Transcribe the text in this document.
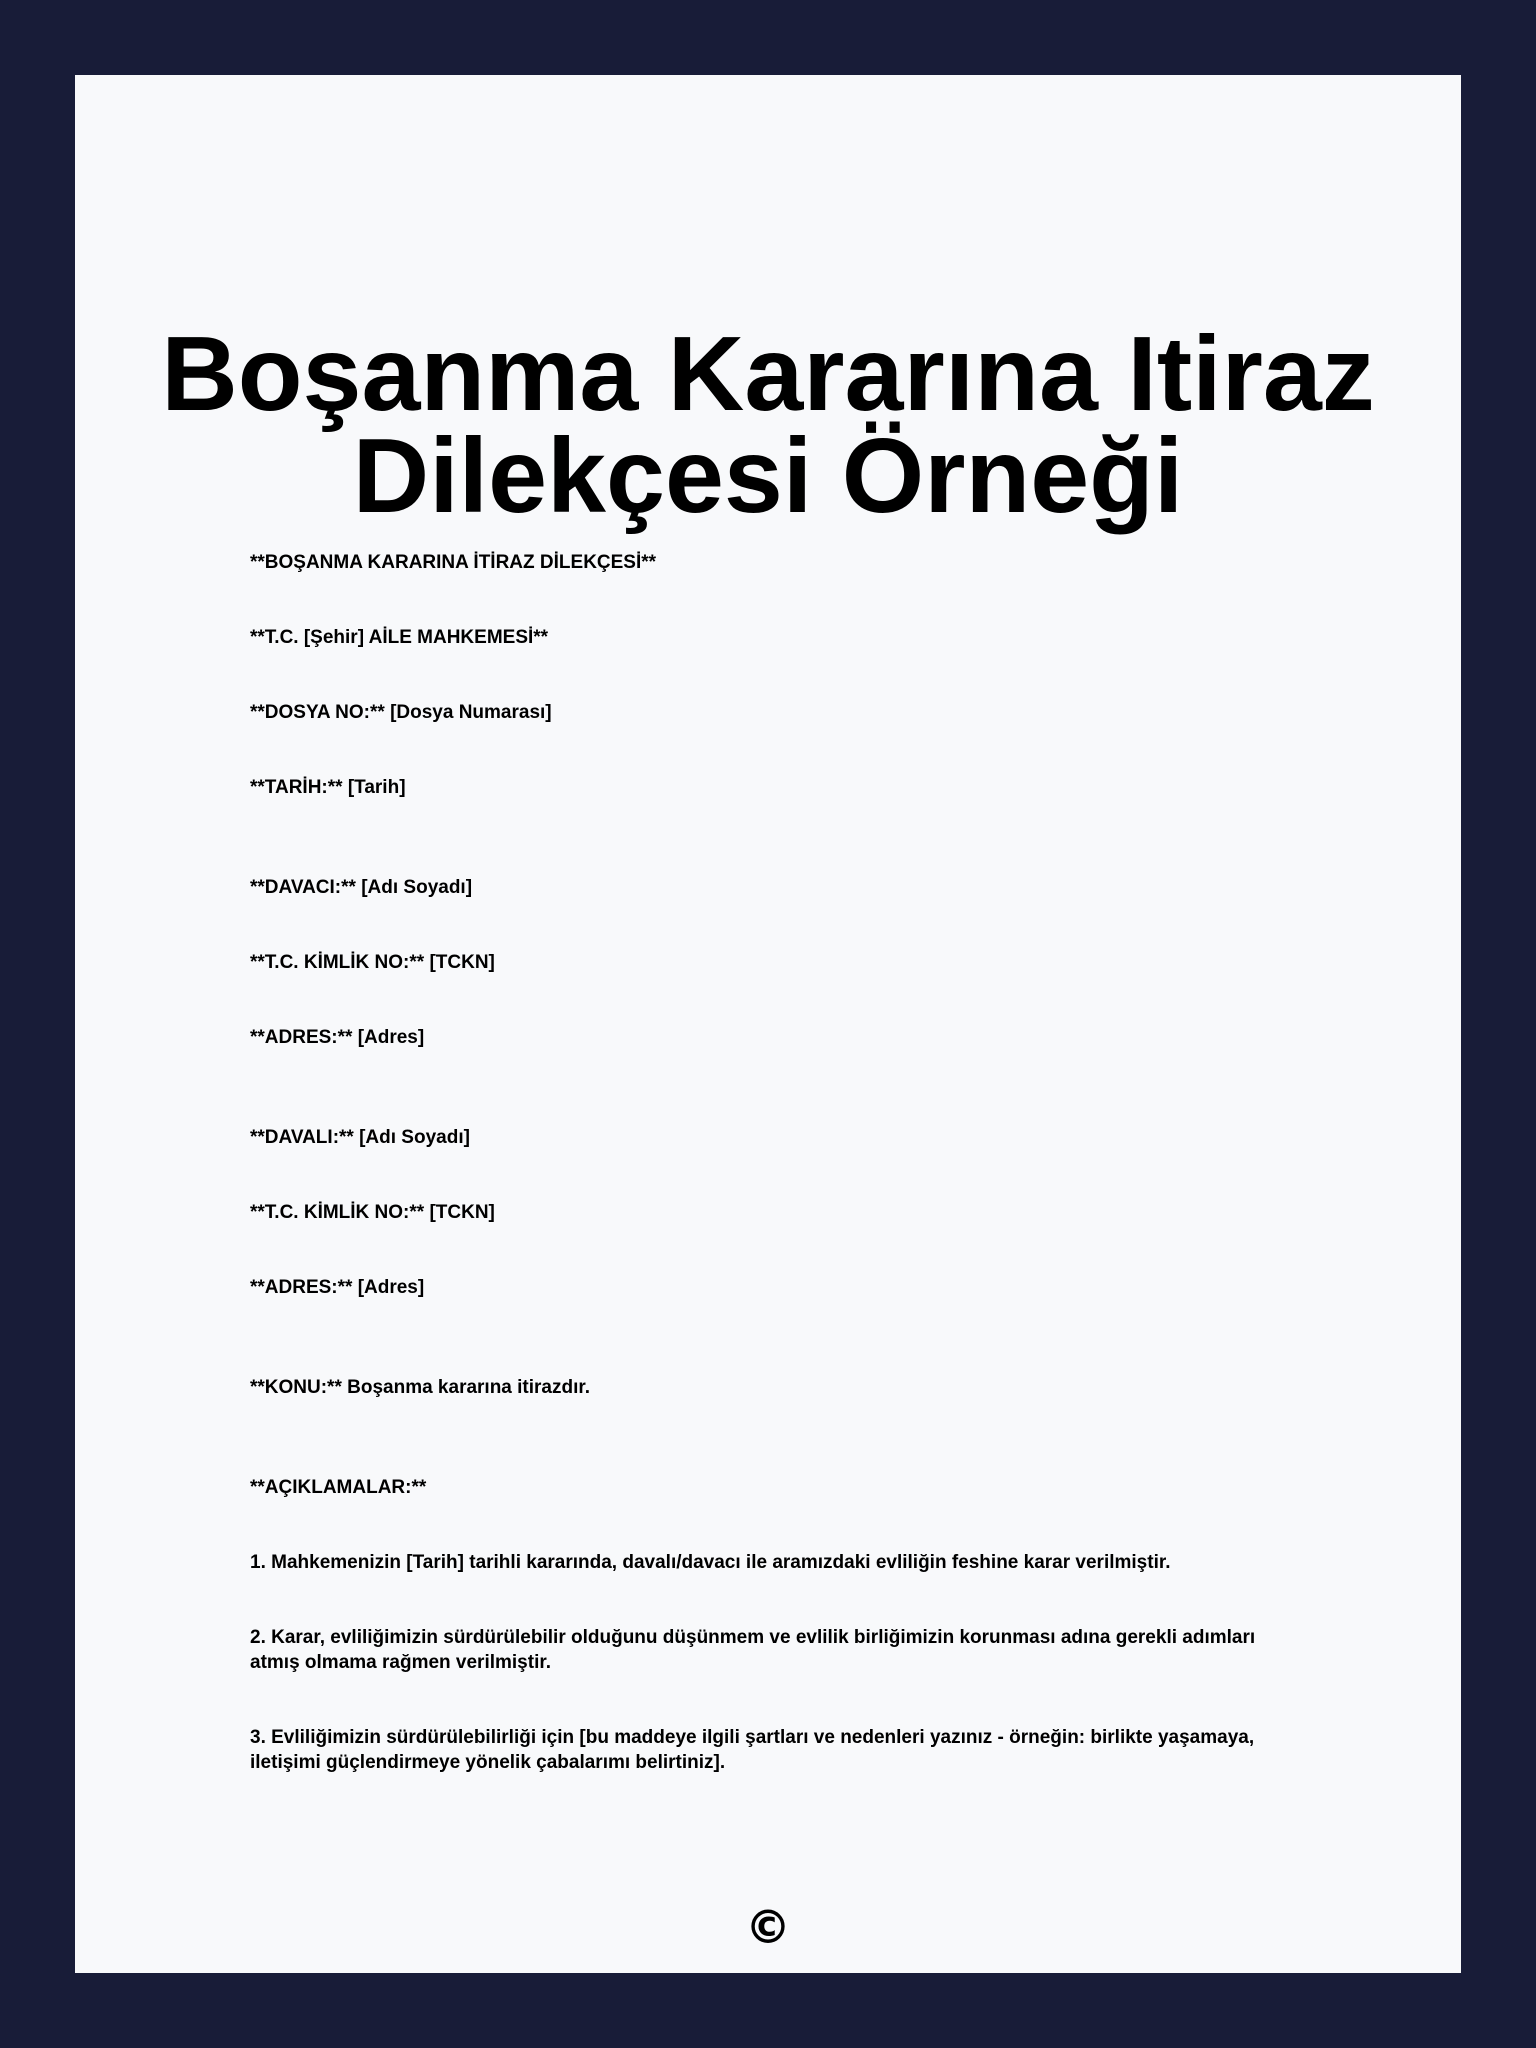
Boşanma Kararına Itiraz
Dilekçesi Örneği

**BOŞANMA KARARINA İTİRAZ DİLEKÇESİ**

**T.C. [Şehir] AİLE MAHKEMESİ**

**DOSYA NO:** [Dosya Numarası]

**TARİH:** [Tarih]

**DAVACI:** [Adı Soyadı]

**T.C. KİMLİK NO:** [TCKN]

**ADRES:** [Adres]

**DAVALI:** [Adı Soyadı]

**T.C. KİMLİK NO:** [TCKN]

**ADRES:** [Adres]

**KONU:** Boşanma kararına itirazdır.

**AÇIKLAMALAR:**

1. Mahkemenizin [Tarih] tarihli kararında, davalı/davacı ile aramızdaki evliliğin feshine karar verilmiştir.

2. Karar, evliliğimizin sürdürülebilir olduğunu düşünmem ve evlilik birliğimizin korunması adına gerekli adımları atmış olmama rağmen verilmiştir.

3. Evliliğimizin sürdürülebilirliği için [bu maddeye ilgili şartları ve nedenleri yazınız - örneğin: birlikte yaşamaya, iletişimi güçlendirmeye yönelik çabalarımı belirtiniz].

©
